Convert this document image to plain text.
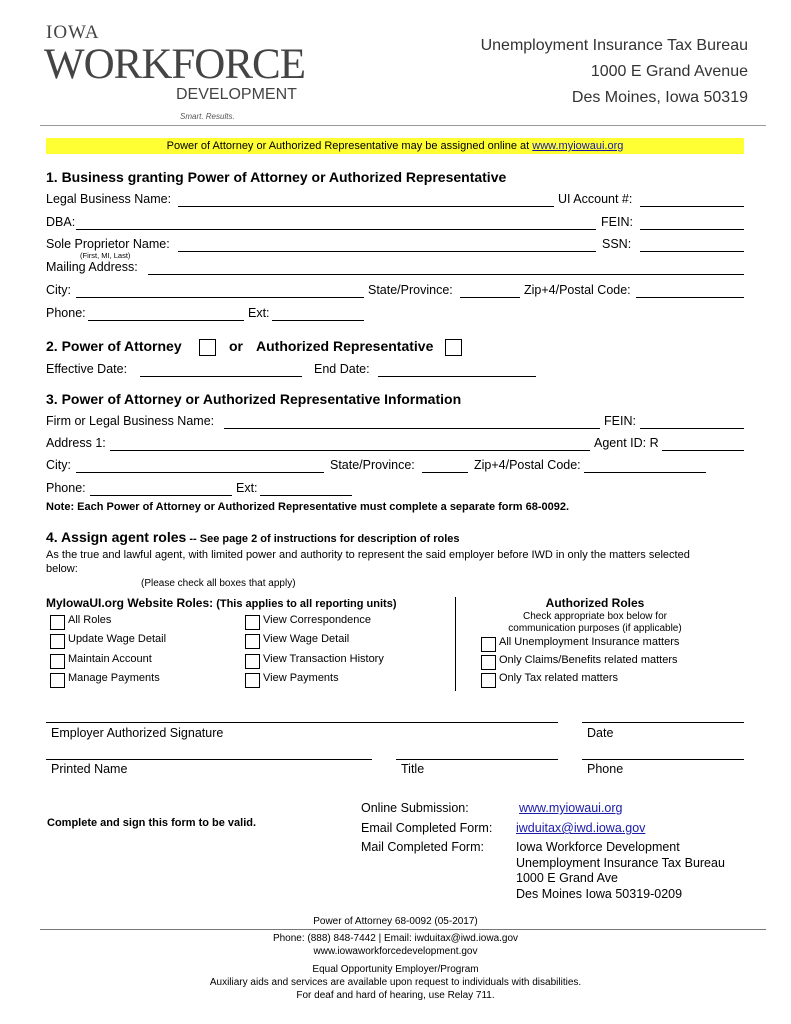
IOWA
WORKFORCE
DEVELOPMENT
Smart. Results.
Unemployment Insurance Tax Bureau
1000 E Grand Avenue
Des Moines, Iowa 50319
Power of Attorney or Authorized Representative may be assigned online at www.myiowaui.org
1. Business granting Power of Attorney or Authorized Representative
Legal Business Name:	UI Account #:
DBA:	FEIN:
Sole Proprietor Name:
(First, MI, Last)
SSN:
Mailing Address:
City:	State/Province:	Zip+4/Postal Code:
Phone:	Ext:
2. Power of Attorney	or Authorized Representative
Effective Date:	End Date:
3. Power of Attorney or Authorized Representative Information
Firm or Legal Business Name:	FEIN:
Address 1:	Agent ID: R
City:	State/Province:	Zip+4/Postal Code:
Phone:	Ext:
Note: Each Power of Attorney or Authorized Representative must complete a separate form 68-0092.
4. Assign agent roles -- See page 2 of instructions for description of roles
As the true and lawful agent, with limited power and authority to represent the said employer before IWD in only the matters selected
below:
(Please check all boxes that apply)
MyIowaUI.org Website Roles: (This applies to all reporting units)
All Roles
Update Wage Detail
Maintain Account
Manage Payments
View Correspondence
View Wage Detail
View Transaction History
View Payments
Authorized Roles
Check appropriate box below for
communication purposes (if applicable)
All Unemployment Insurance matters
Only Claims/Benefits related matters
Only Tax related matters
Employer Authorized Signature	Date
Printed Name	Title	Phone
Complete and sign this form to be valid.
Online Submission:	www.myiowaui.org
Email Completed Form: iwduitax@iwd.iowa.gov
Mail Completed Form:	Iowa Workforce Development
Unemployment Insurance Tax Bureau
1000 E Grand Ave
Des Moines Iowa 50319-0209
Power of Attorney 68-0092 (05-2017)
Phone: (888) 848-7442 | Email: iwduitax@iwd.iowa.gov
www.iowaworkforcedevelopment.gov
Equal Opportunity Employer/Program
Auxiliary aids and services are available upon request to individuals with disabilities.
For deaf and hard of hearing, use Relay 711.
